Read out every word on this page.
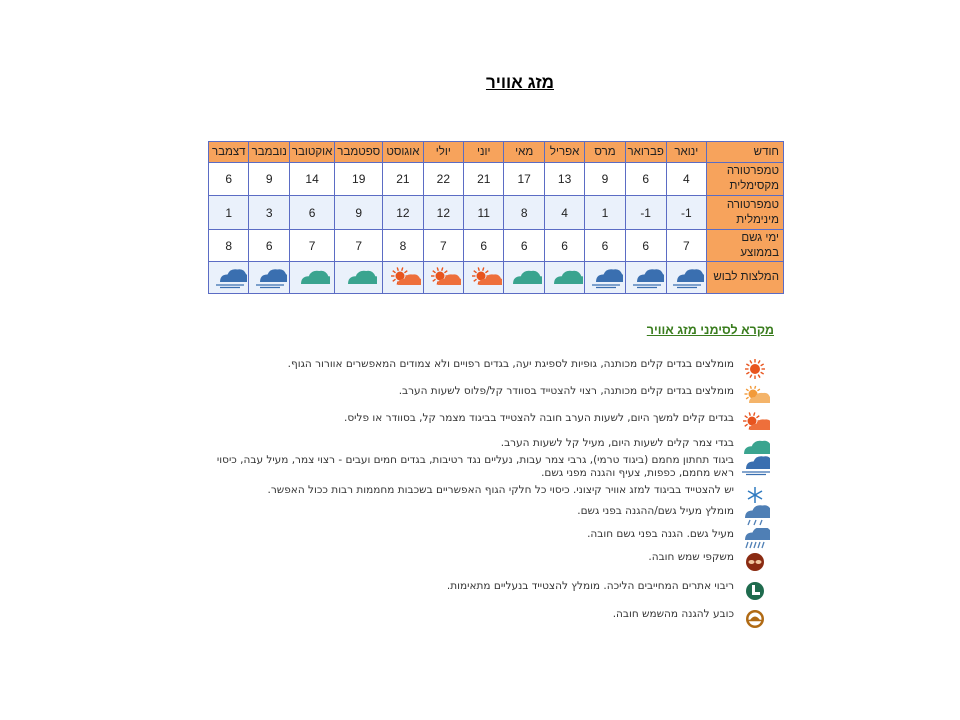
מזג אוויר
חודש	ינואר	פברואר	מרס	אפריל	מאי	יוני	יולי	אוגוסט	ספטמבר	אוקטובר	נובמבר	דצמבר

טמפרטורה
מקסימלית	4	6	9	13	17	21	22	21	19	14	9	6

טמפרטורה
מינימלית	-1	-1	1	4	8	11	12	12	9	6	3	1

ימי גשם
בממוצע	7	6	6	6	6	6	7	8	7	7	6	8
המלצות לבוש												
מקרא לסימני מזג אוויר
מומלצים בגדים קלים מכותנה, גופיות לספיגת יעה, בגדים רפויים ולא צמודים המאפשרים אוורור הגוף.
מומלצים בגדים קלים מכותנה, רצוי להצטייד בסוודר קל/פלוס לשעות הערב.
בגדים קלים למשך היום, לשעות הערב חובה להצטייד בביגוד מצמר קל, בסוודר או פליס.
בגדי צמר קלים לשעות היום, מעיל קל לשעות הערב.
ביגוד תחתון מחמם (ביגוד טרמי), גרבי צמר עבות, נעליים נגד רטיבות, בגדים חמים ועבים - רצוי צמר, מעיל עבה, כיסוי ראש מחמם, כפפות, צעיף והגנה מפני גשם.
יש להצטייד בביגוד למזג אוויר קיצוני. כיסוי כל חלקי הגוף האפשריים בשכבות מחממות רבות ככול האפשר.
מומלץ מעיל גשם/ההגנה בפני גשם.
מעיל גשם. הגנה בפני גשם חובה.
משקפי שמש חובה.
ריבוי אתרים המחייבים הליכה. מומלץ להצטייד בנעליים מתאימות.
כובע להגנה מהשמש חובה.
